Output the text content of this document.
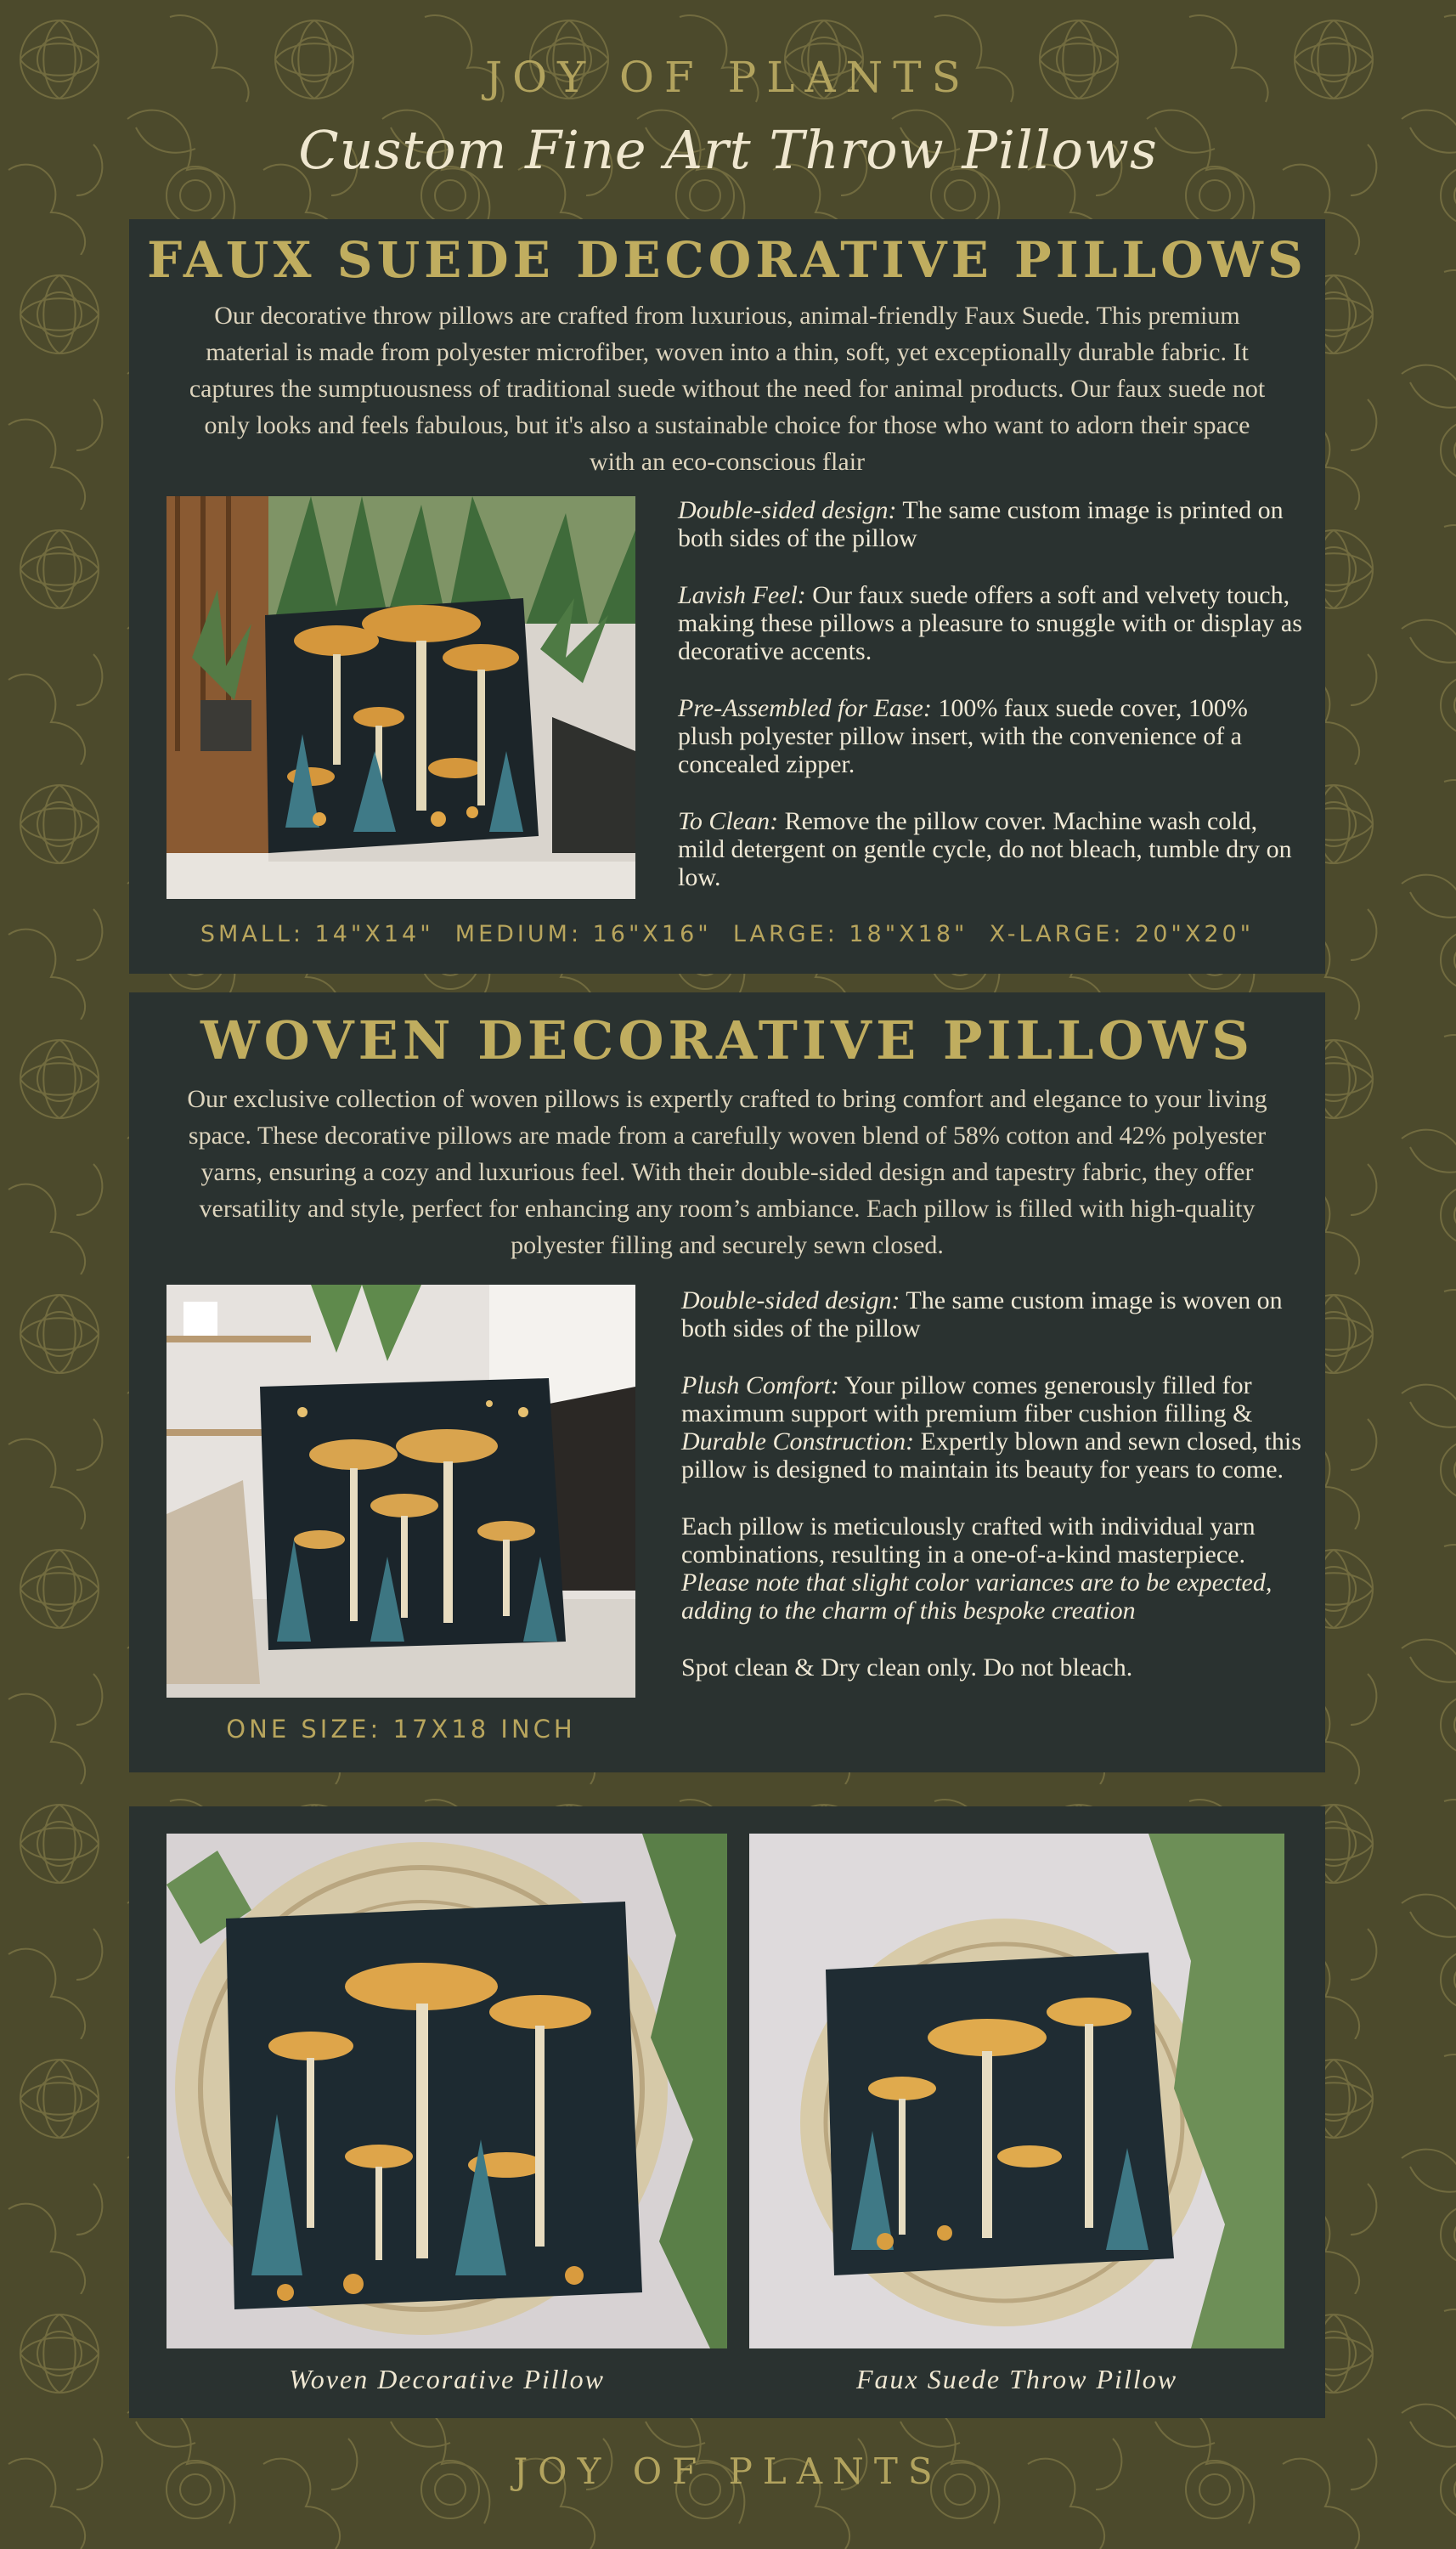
JOY OF PLANTS
Custom Fine Art Throw Pillows
FAUX SUEDE DECORATIVE PILLOWS
Our decorative throw pillows are crafted from luxurious, animal-friendly Faux Suede. This premium material is made from polyester microfiber, woven into a thin, soft, yet exceptionally durable fabric. It captures the sumptuousness of traditional suede without the need for animal products. Our faux suede not only looks and feels fabulous, but it's also a sustainable choice for those who want to adorn their space with an eco-conscious flair

Double-sided design: The same custom image is printed on both sides of the pillow

Lavish Feel: Our faux suede offers a soft and velvety touch, making these pillows a pleasure to snuggle with or display as decorative accents.

Pre-Assembled for Ease: 100% faux suede cover, 100% plush polyester pillow insert, with the convenience of a concealed zipper.

To Clean: Remove the pillow cover. Machine wash cold, mild detergent on gentle cycle, do not bleach, tumble dry on low.

SMALL: 14"X14"  MEDIUM: 16"X16"  LARGE: 18"X18"  X-LARGE: 20"X20"
WOVEN DECORATIVE PILLOWS
Our exclusive collection of woven pillows is expertly crafted to bring comfort and elegance to your living space. These decorative pillows are made from a carefully woven blend of 58% cotton and 42% polyester yarns, ensuring a cozy and luxurious feel. With their double-sided design and tapestry fabric, they offer versatility and style, perfect for enhancing any room’s ambiance. Each pillow is filled with high-quality polyester filling and securely sewn closed.

Double-sided design: The same custom image is woven on both sides of the pillow

Plush Comfort: Your pillow comes generously filled for maximum support with premium fiber cushion filling & Durable Construction: Expertly blown and sewn closed, this pillow is designed to maintain its beauty for years to come.

Each pillow is meticulously crafted with individual yarn combinations, resulting in a one-of-a-kind masterpiece. Please note that slight color variances are to be expected, adding to the charm of this bespoke creation

Spot clean & Dry clean only. Do not bleach.

ONE SIZE: 17X18 INCH
Woven Decorative Pillow	Faux Suede Throw Pillow
JOY OF PLANTS
